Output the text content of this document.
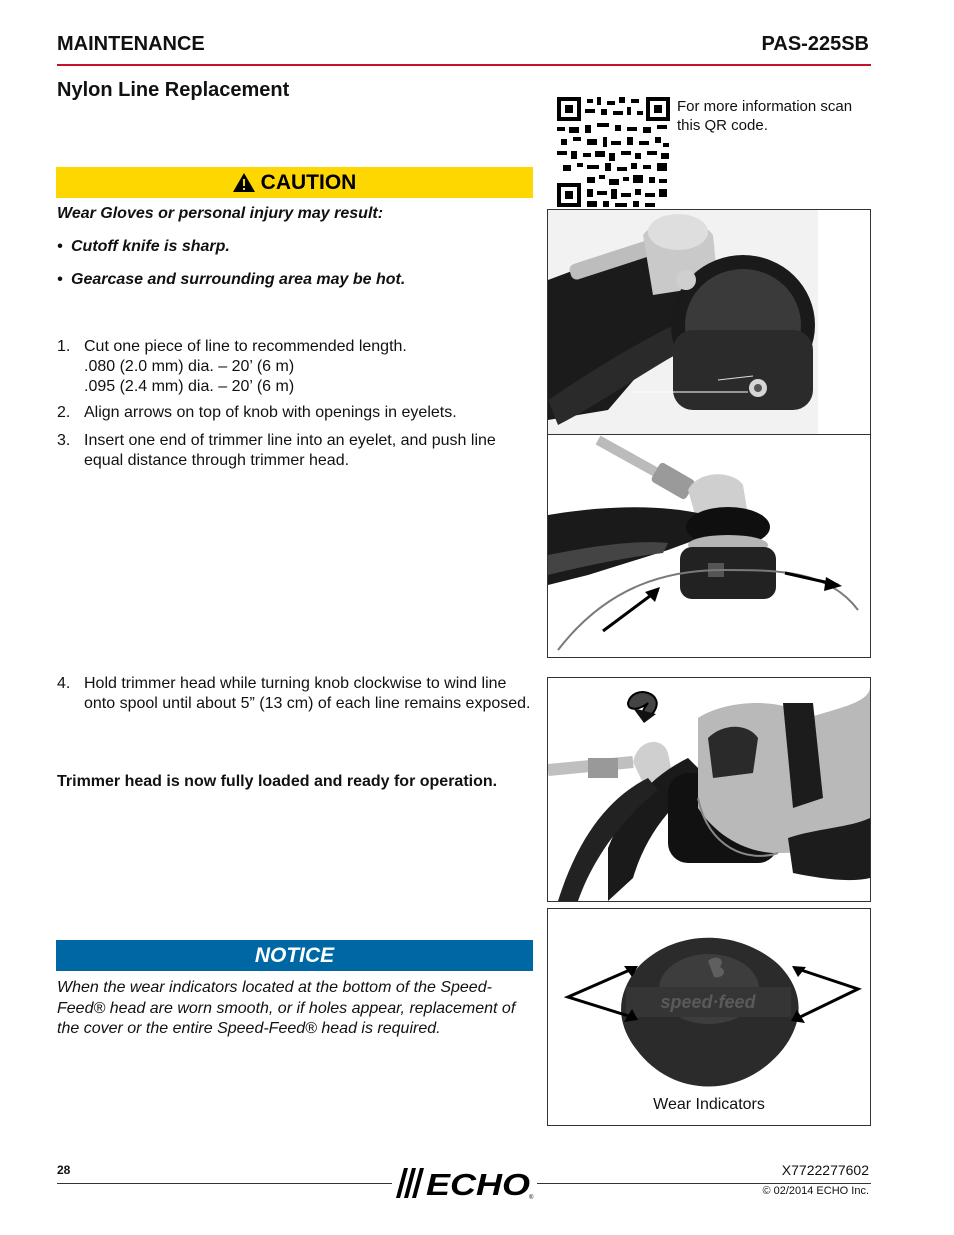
MAINTENANCE	PAS-225SB
Nylon Line Replacement
For more information scan this QR code.
CAUTION
Wear Gloves or personal injury may result:
• Cutoff knife is sharp.
• Gearcase and surrounding area may be hot.
1. Cut one piece of line to recommended length.
.080 (2.0 mm) dia. – 20’ (6 m)
.095 (2.4 mm) dia. – 20’ (6 m)
2. Align arrows on top of knob with openings in eyelets.
3. Insert one end of trimmer line into an eyelet, and push line equal distance through trimmer head.
4. Hold trimmer head while turning knob clockwise to wind line onto spool until about 5” (13 cm) of each line remains exposed.
Trimmer head is now fully loaded and ready for operation.
speed·feed
Wear Indicators
NOTICE
When the wear indicators located at the bottom of the Speed-Feed® head are worn smooth, or if holes appear, replacement of the cover or the entire Speed-Feed® head is required.
28	ECHO ®
X7722277602
© 02/2014 ECHO Inc.
